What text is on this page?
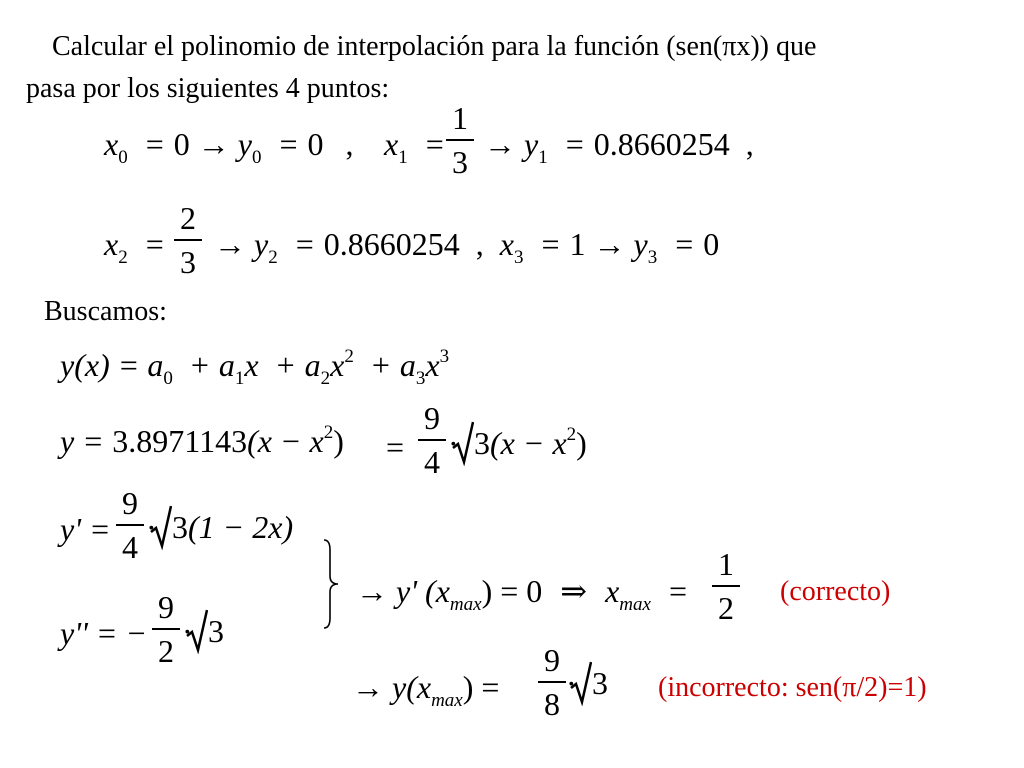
Calcular el polinomio de interpolación para la función (sen(πx)) que
pasa por los siguientes 4 puntos:
$x_0 = 0 \to y_0 = 0$ , $x_1$ =
1
$3 \to y_1 = 0.8660254$ ,
$x_2$ =
2
$3 \to y_2 = 0.8660254$ , $x_3 = 1 \to y_3 = 0$
Buscamos:
$y(x) = a_0 + a_1x + a_2x^2 + a_3x^3$
$y = 3.8971143(x - x^2)$ =
9
4
· $3(x - x^2)$
y' =
9
4
· 3(1 − 2x)
→ y' $(x_{max}) = 0$ ⇒ $x_{max}$ =
1
2 (correcto)
y'' = −
9
2
· 3
→ $y(x_{max})$ =
9
8
· 3 (incorrecto: sen(π/2)=1)
